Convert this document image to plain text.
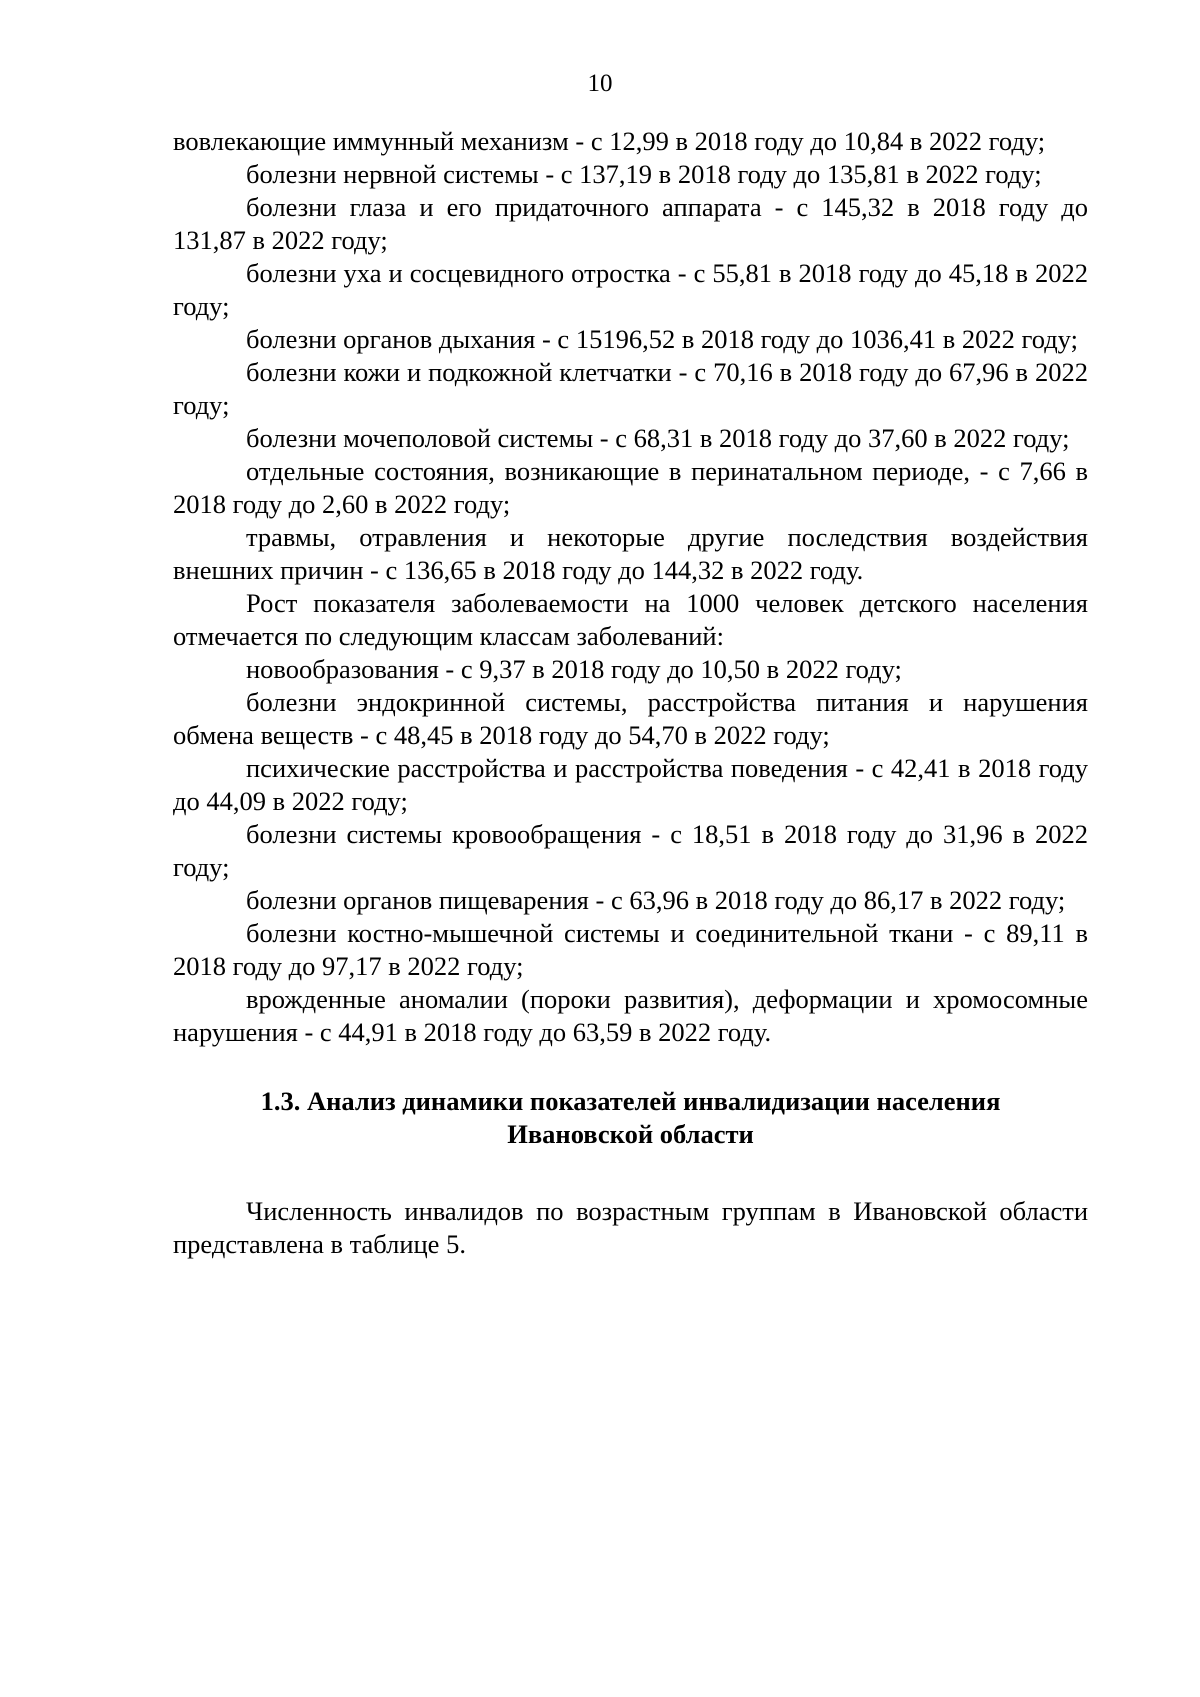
10

вовлекающие иммунный механизм - с 12,99 в 2018 году до 10,84 в 2022 году;

болезни нервной системы - с 137,19 в 2018 году до 135,81 в 2022 году;

болезни глаза и его придаточного аппарата - с 145,32 в 2018 году до 131,87 в 2022 году;

болезни уха и сосцевидного отростка - с 55,81 в 2018 году до 45,18 в 2022 году;

болезни органов дыхания - с 15196,52 в 2018 году до 1036,41 в 2022 году;

болезни кожи и подкожной клетчатки - с 70,16 в 2018 году до 67,96 в 2022 году;

болезни мочеполовой системы - с 68,31 в 2018 году до 37,60 в 2022 году;

отдельные состояния, возникающие в перинатальном периоде, - с 7,66 в 2018 году до 2,60 в 2022 году;

травмы, отравления и некоторые другие последствия воздействия внешних причин - с 136,65 в 2018 году до 144,32 в 2022 году.

Рост показателя заболеваемости на 1000 человек детского населения отмечается по следующим классам заболеваний:

новообразования - с 9,37 в 2018 году до 10,50 в 2022 году;

болезни эндокринной системы, расстройства питания и нарушения обмена веществ - с 48,45 в 2018 году до 54,70 в 2022 году;

психические расстройства и расстройства поведения - с 42,41 в 2018 году до 44,09 в 2022 году;

болезни системы кровообращения - с 18,51 в 2018 году до 31,96 в 2022 году;

болезни органов пищеварения - с 63,96 в 2018 году до 86,17 в 2022 году;

болезни костно-мышечной системы и соединительной ткани - с 89,11 в 2018 году до 97,17 в 2022 году;

врожденные аномалии (пороки развития), деформации и хромосомные нарушения - с 44,91 в 2018 году до 63,59 в 2022 году.

1.3. Анализ динамики показателей инвалидизации населения
Ивановской области

Численность инвалидов по возрастным группам в Ивановской области представлена в таблице 5.
